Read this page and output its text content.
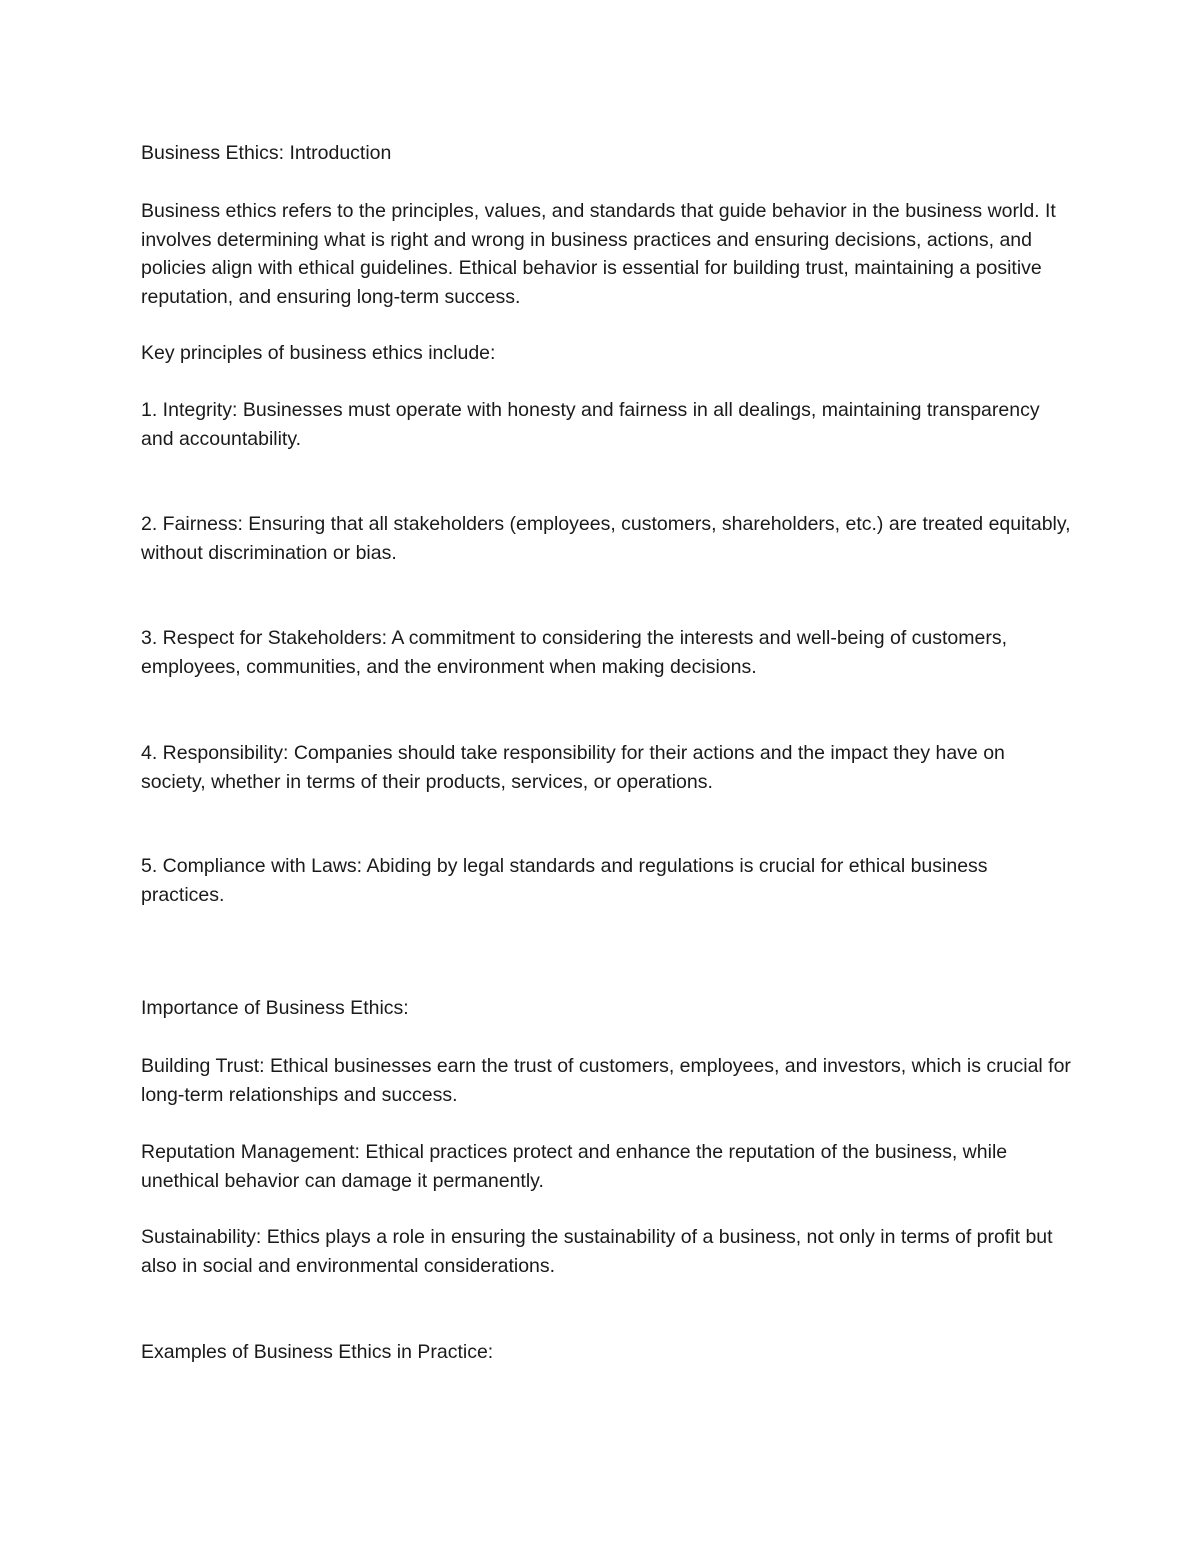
Business Ethics: Introduction

Business ethics refers to the principles, values, and standards that guide behavior in the business world. It involves determining what is right and wrong in business practices and ensuring decisions, actions, and policies align with ethical guidelines. Ethical behavior is essential for building trust, maintaining a positive reputation, and ensuring long-term success.

Key principles of business ethics include:

1. Integrity: Businesses must operate with honesty and fairness in all dealings, maintaining transparency and accountability.

2. Fairness: Ensuring that all stakeholders (employees, customers, shareholders, etc.) are treated equitably, without discrimination or bias.

3. Respect for Stakeholders: A commitment to considering the interests and well-being of customers, employees, communities, and the environment when making decisions.

4. Responsibility: Companies should take responsibility for their actions and the impact they have on society, whether in terms of their products, services, or operations.

5. Compliance with Laws: Abiding by legal standards and regulations is crucial for ethical business practices.

Importance of Business Ethics:

Building Trust: Ethical businesses earn the trust of customers, employees, and investors, which is crucial for long-term relationships and success.

Reputation Management: Ethical practices protect and enhance the reputation of the business, while unethical behavior can damage it permanently.

Sustainability: Ethics plays a role in ensuring the sustainability of a business, not only in terms of profit but also in social and environmental considerations.

Examples of Business Ethics in Practice:
